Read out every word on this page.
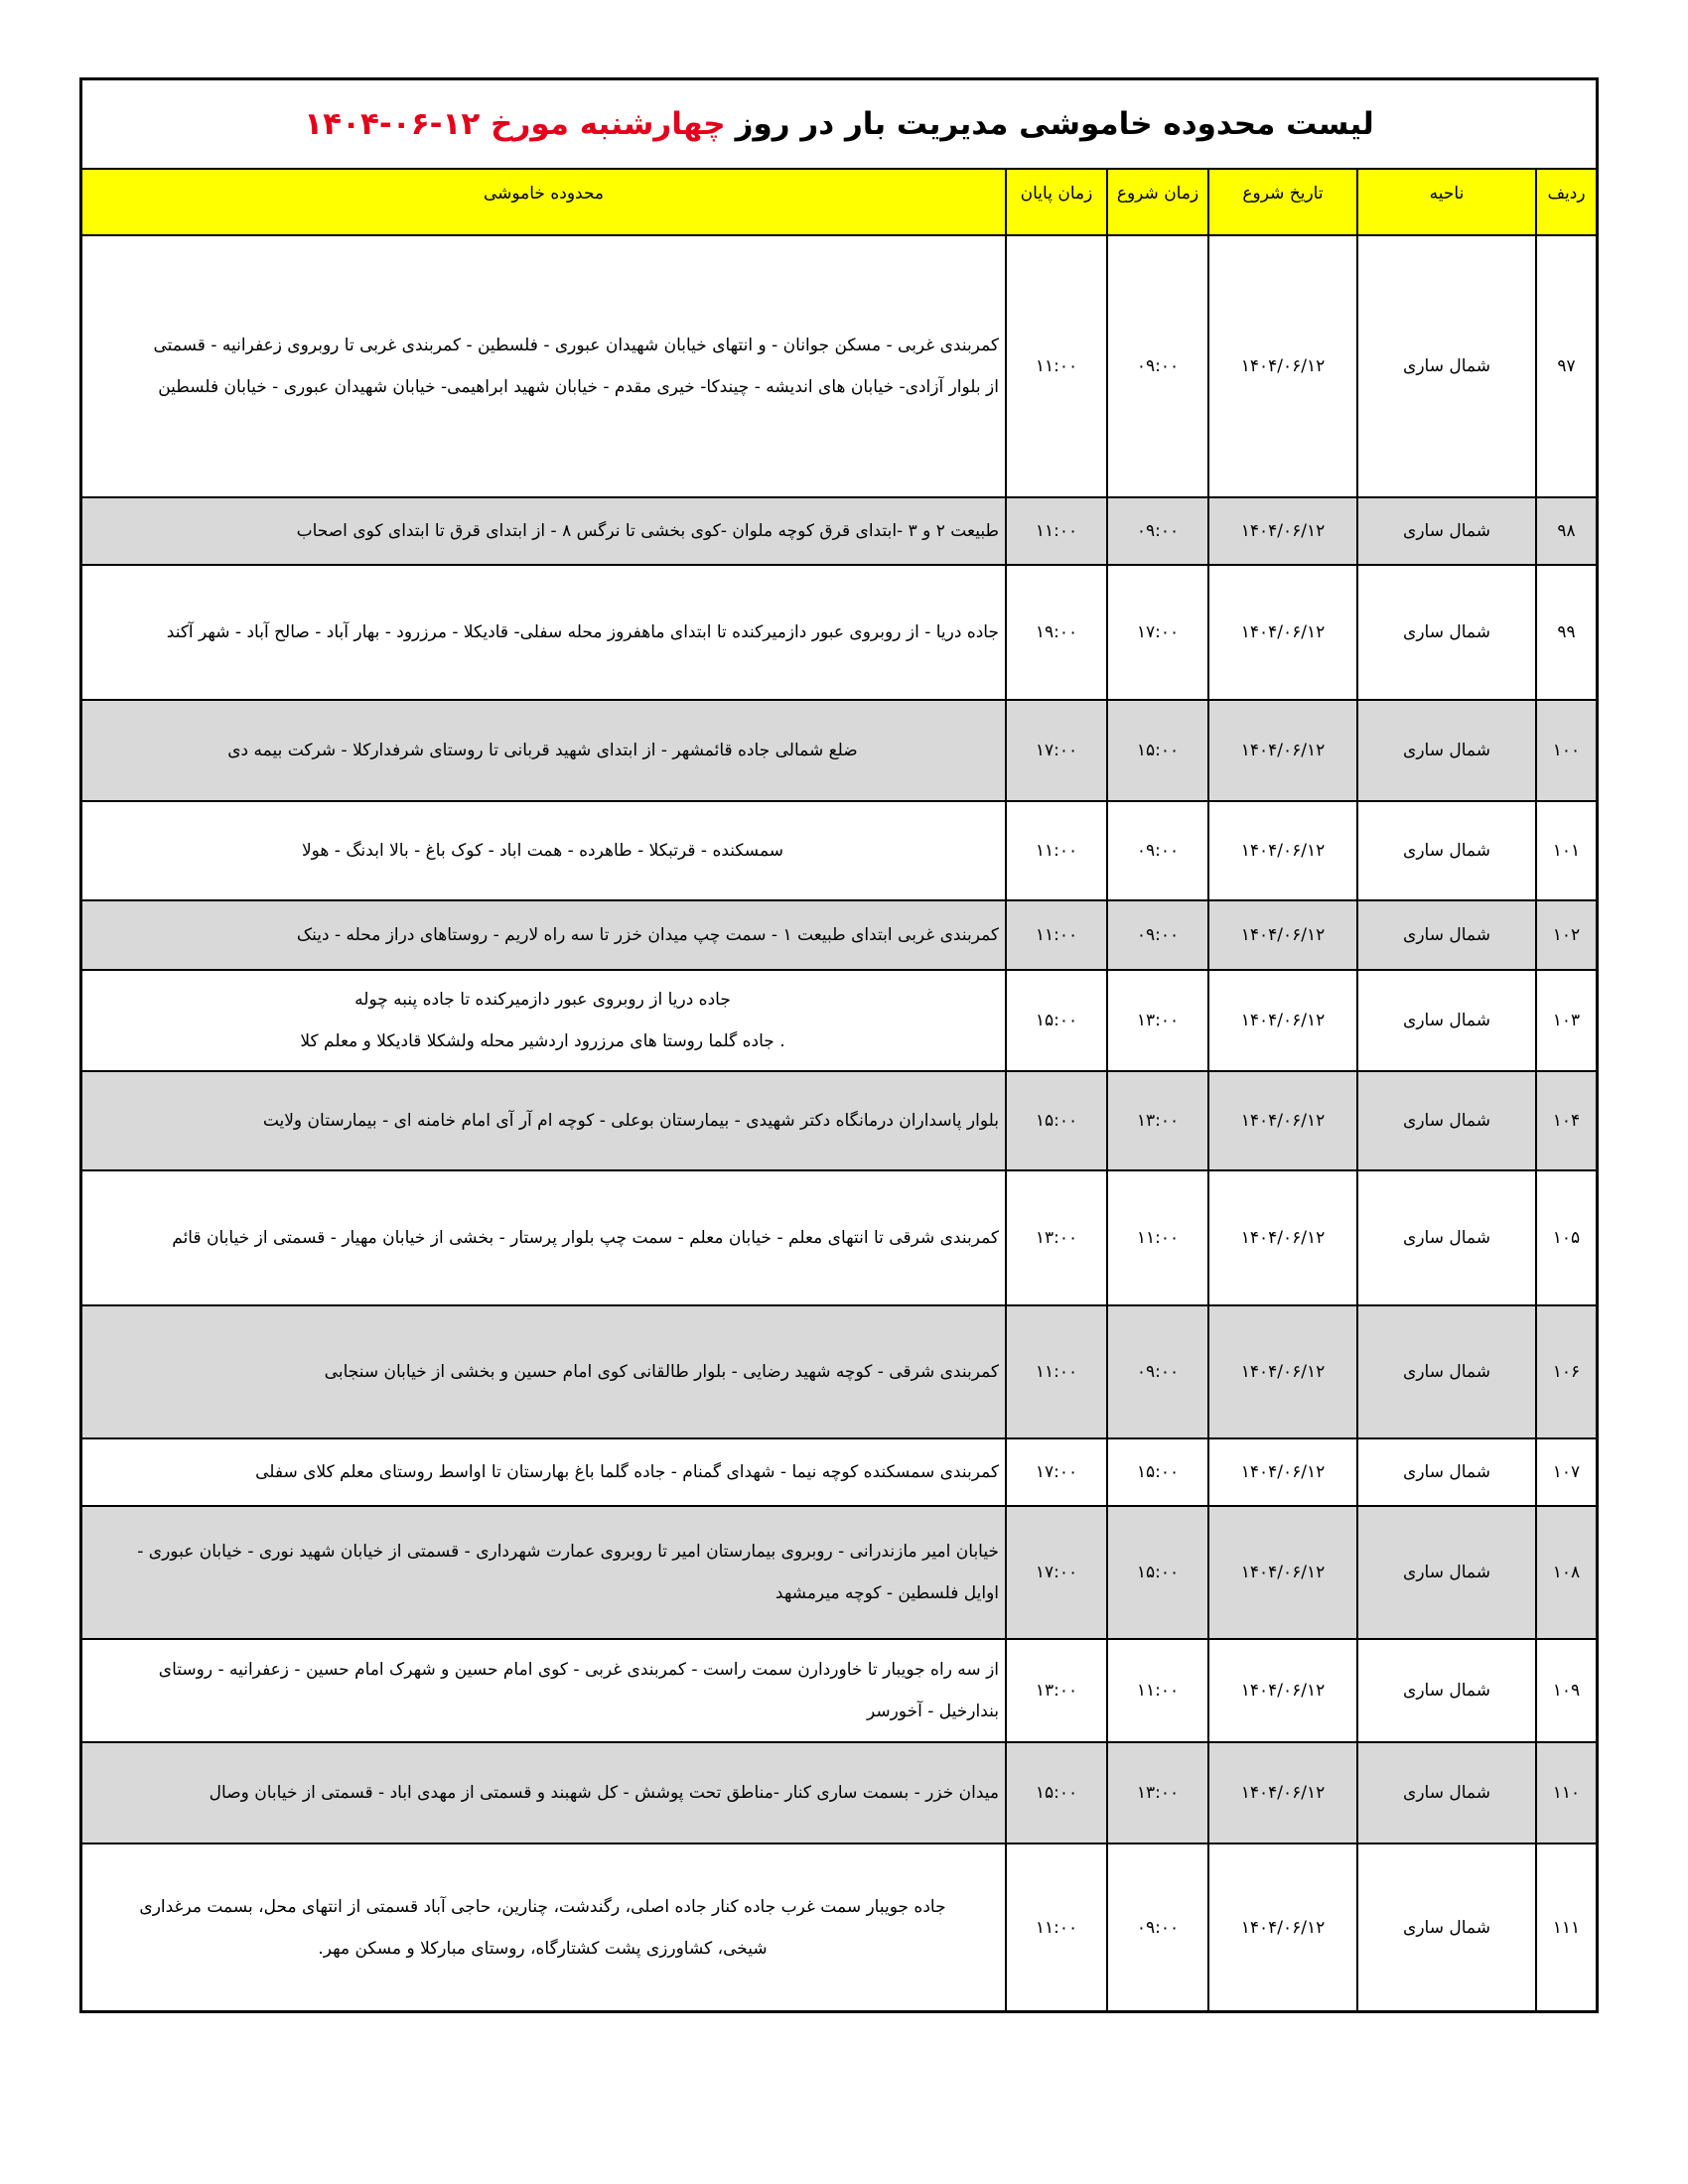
لیست محدوده خاموشی مدیریت بار در روز
چهارشنبه مورخ ۱۲-۰۶-۱۴۰۴
ردیف	ناحیه	تاریخ شروع	زمان شروع	زمان پایان	محدوده خاموشی
۹۷	شمال ساری	۱۴۰۴/۰۶/۱۲	۰۹:۰۰	۱۱:۰۰	کمربندی غربی - مسکن جوانان - و انتهای خیابان شهیدان عبوری - فلسطین - کمربندی غربی تا روبروی زعفرانیه - قسمتی
از بلوار آزادی- خیابان های اندیشه - چیندکا- خیری مقدم - خیابان شهید ابراهیمی- خیابان شهیدان عبوری - خیابان فلسطین

۹۸	شمال ساری	۱۴۰۴/۰۶/۱۲	۰۹:۰۰	۱۱:۰۰	طبیعت ۲ و ۳ -ابتدای قرق کوچه ملوان -کوی بخشی تا نرگس ۸ - از ابتدای قرق تا ابتدای کوی اصحاب

۹۹	شمال ساری	۱۴۰۴/۰۶/۱۲	۱۷:۰۰	۱۹:۰۰	جاده دریا - از روبروی عبور دازمیرکنده تا ابتدای ماهفروز محله سفلی- قادیکلا - مرزرود - بهار آباد - صالح آباد - شهر آکند

۱۰۰	شمال ساری	۱۴۰۴/۰۶/۱۲	۱۵:۰۰	۱۷:۰۰	ضلع شمالی جاده قائمشهر - از ابتدای شهید قربانی تا روستای شرفدارکلا - شرکت بیمه دی

۱۰۱	شمال ساری	۱۴۰۴/۰۶/۱۲	۰۹:۰۰	۱۱:۰۰	سمسکنده - قرتبکلا - طاهرده - همت اباد - کوک باغ - بالا ابدنگ - هولا

۱۰۲	شمال ساری	۱۴۰۴/۰۶/۱۲	۰۹:۰۰	۱۱:۰۰	کمربندی غربی ابتدای طبیعت ۱ - سمت چپ میدان خزر تا سه راه لاریم - روستاهای دراز محله - دینک

۱۰۳	شمال ساری	۱۴۰۴/۰۶/۱۲	۱۳:۰۰	۱۵:۰۰	جاده دریا از روبروی عبور دازمیرکنده تا جاده پنبه چوله
. جاده گلما روستا های مرزرود اردشیر محله ولشکلا قادیکلا و معلم کلا

۱۰۴	شمال ساری	۱۴۰۴/۰۶/۱۲	۱۳:۰۰	۱۵:۰۰	بلوار پاسداران درمانگاه دکتر شهیدی - بیمارستان بوعلی - کوچه ام آر آی امام خامنه ای - بیمارستان ولایت

۱۰۵	شمال ساری	۱۴۰۴/۰۶/۱۲	۱۱:۰۰	۱۳:۰۰	کمربندی شرقی تا انتهای معلم - خیابان معلم - سمت چپ بلوار پرستار - بخشی از خیابان مهیار - قسمتی از خیابان قائم

۱۰۶	شمال ساری	۱۴۰۴/۰۶/۱۲	۰۹:۰۰	۱۱:۰۰	کمربندی شرقی - کوچه شهید رضایی - بلوار طالقانی کوی امام حسین و بخشی از خیابان سنجابی

۱۰۷	شمال ساری	۱۴۰۴/۰۶/۱۲	۱۵:۰۰	۱۷:۰۰	کمربندی سمسکنده کوچه نیما - شهدای گمنام - جاده گلما باغ بهارستان تا اواسط روستای معلم کلای سفلی

۱۰۸	شمال ساری	۱۴۰۴/۰۶/۱۲	۱۵:۰۰	۱۷:۰۰	خیابان امیر مازندرانی - روبروی بیمارستان امیر تا روبروی عمارت شهرداری - قسمتی از خیابان شهید نوری - خیابان عبوری -
اوایل فلسطین - کوچه میرمشهد

۱۰۹	شمال ساری	۱۴۰۴/۰۶/۱۲	۱۱:۰۰	۱۳:۰۰	از سه راه جویبار تا خاوردارن سمت راست - کمربندی غربی - کوی امام حسین و شهرک امام حسین - زعفرانیه - روستای
بندارخیل - آخورسر

۱۱۰	شمال ساری	۱۴۰۴/۰۶/۱۲	۱۳:۰۰	۱۵:۰۰	میدان خزر - بسمت ساری کنار -مناطق تحت پوشش - کل شهبند و قسمتی از مهدی اباد - قسمتی از خیابان وصال

۱۱۱	شمال ساری	۱۴۰۴/۰۶/۱۲	۰۹:۰۰	۱۱:۰۰	جاده جویبار سمت غرب جاده کنار جاده اصلی، رگندشت، چنارین، حاجی آباد قسمتی از انتهای محل، بسمت مرغداری
شیخی، کشاورزی پشت کشتارگاه، روستای مبارکلا و مسکن مهر.
